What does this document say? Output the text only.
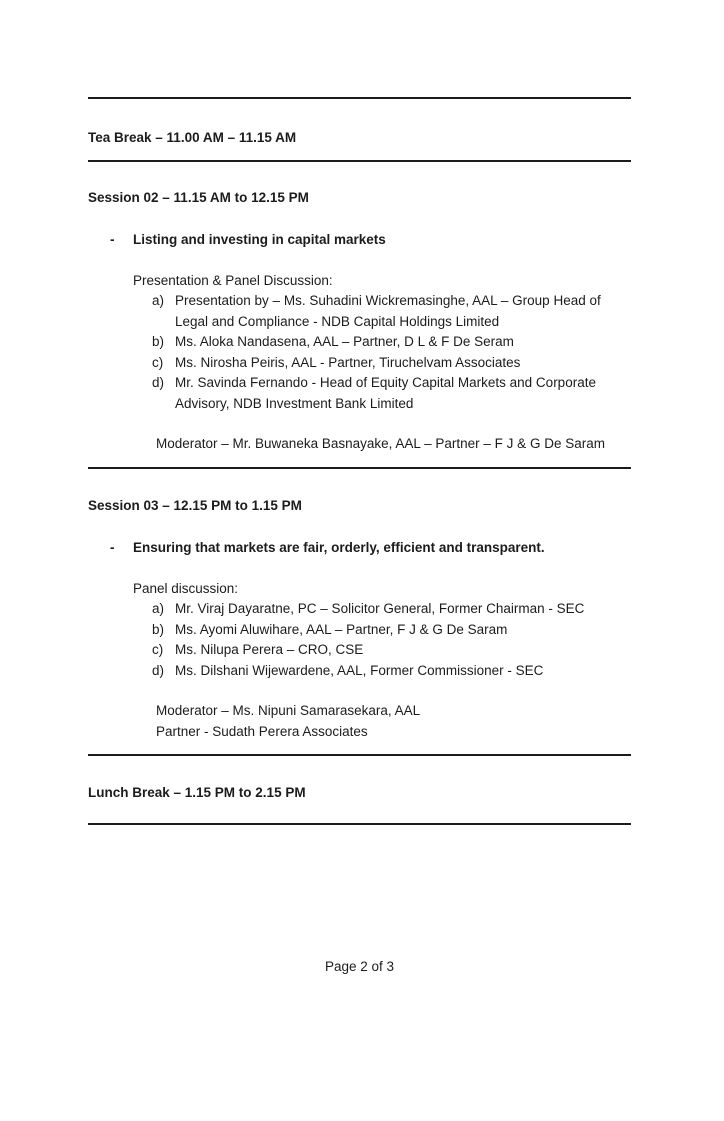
Tea Break – 11.00 AM – 11.15 AM
Session 02 – 11.15 AM to 12.15 PM
-	Listing and investing in capital markets
Presentation & Panel Discussion:
a) Presentation by – Ms. Suhadini Wickremasinghe, AAL – Group Head of Legal and Compliance - NDB Capital Holdings Limited
b) Ms. Aloka Nandasena, AAL – Partner, D L & F De Seram
c) Ms. Nirosha Peiris, AAL - Partner, Tiruchelvam Associates
d) Mr. Savinda Fernando - Head of Equity Capital Markets and Corporate Advisory, NDB Investment Bank Limited
Moderator – Mr. Buwaneka Basnayake, AAL – Partner – F J & G De Saram
Session 03 – 12.15 PM to 1.15 PM
-	Ensuring that markets are fair, orderly, efficient and transparent.
Panel discussion:
a) Mr. Viraj Dayaratne, PC – Solicitor General, Former Chairman - SEC
b) Ms. Ayomi Aluwihare, AAL – Partner, F J & G De Saram
c) Ms. Nilupa Perera – CRO, CSE
d) Ms. Dilshani Wijewardene, AAL, Former Commissioner - SEC
Moderator – Ms. Nipuni Samarasekara, AAL
Partner - Sudath Perera Associates
Lunch Break – 1.15 PM to 2.15 PM
Page 2 of 3
